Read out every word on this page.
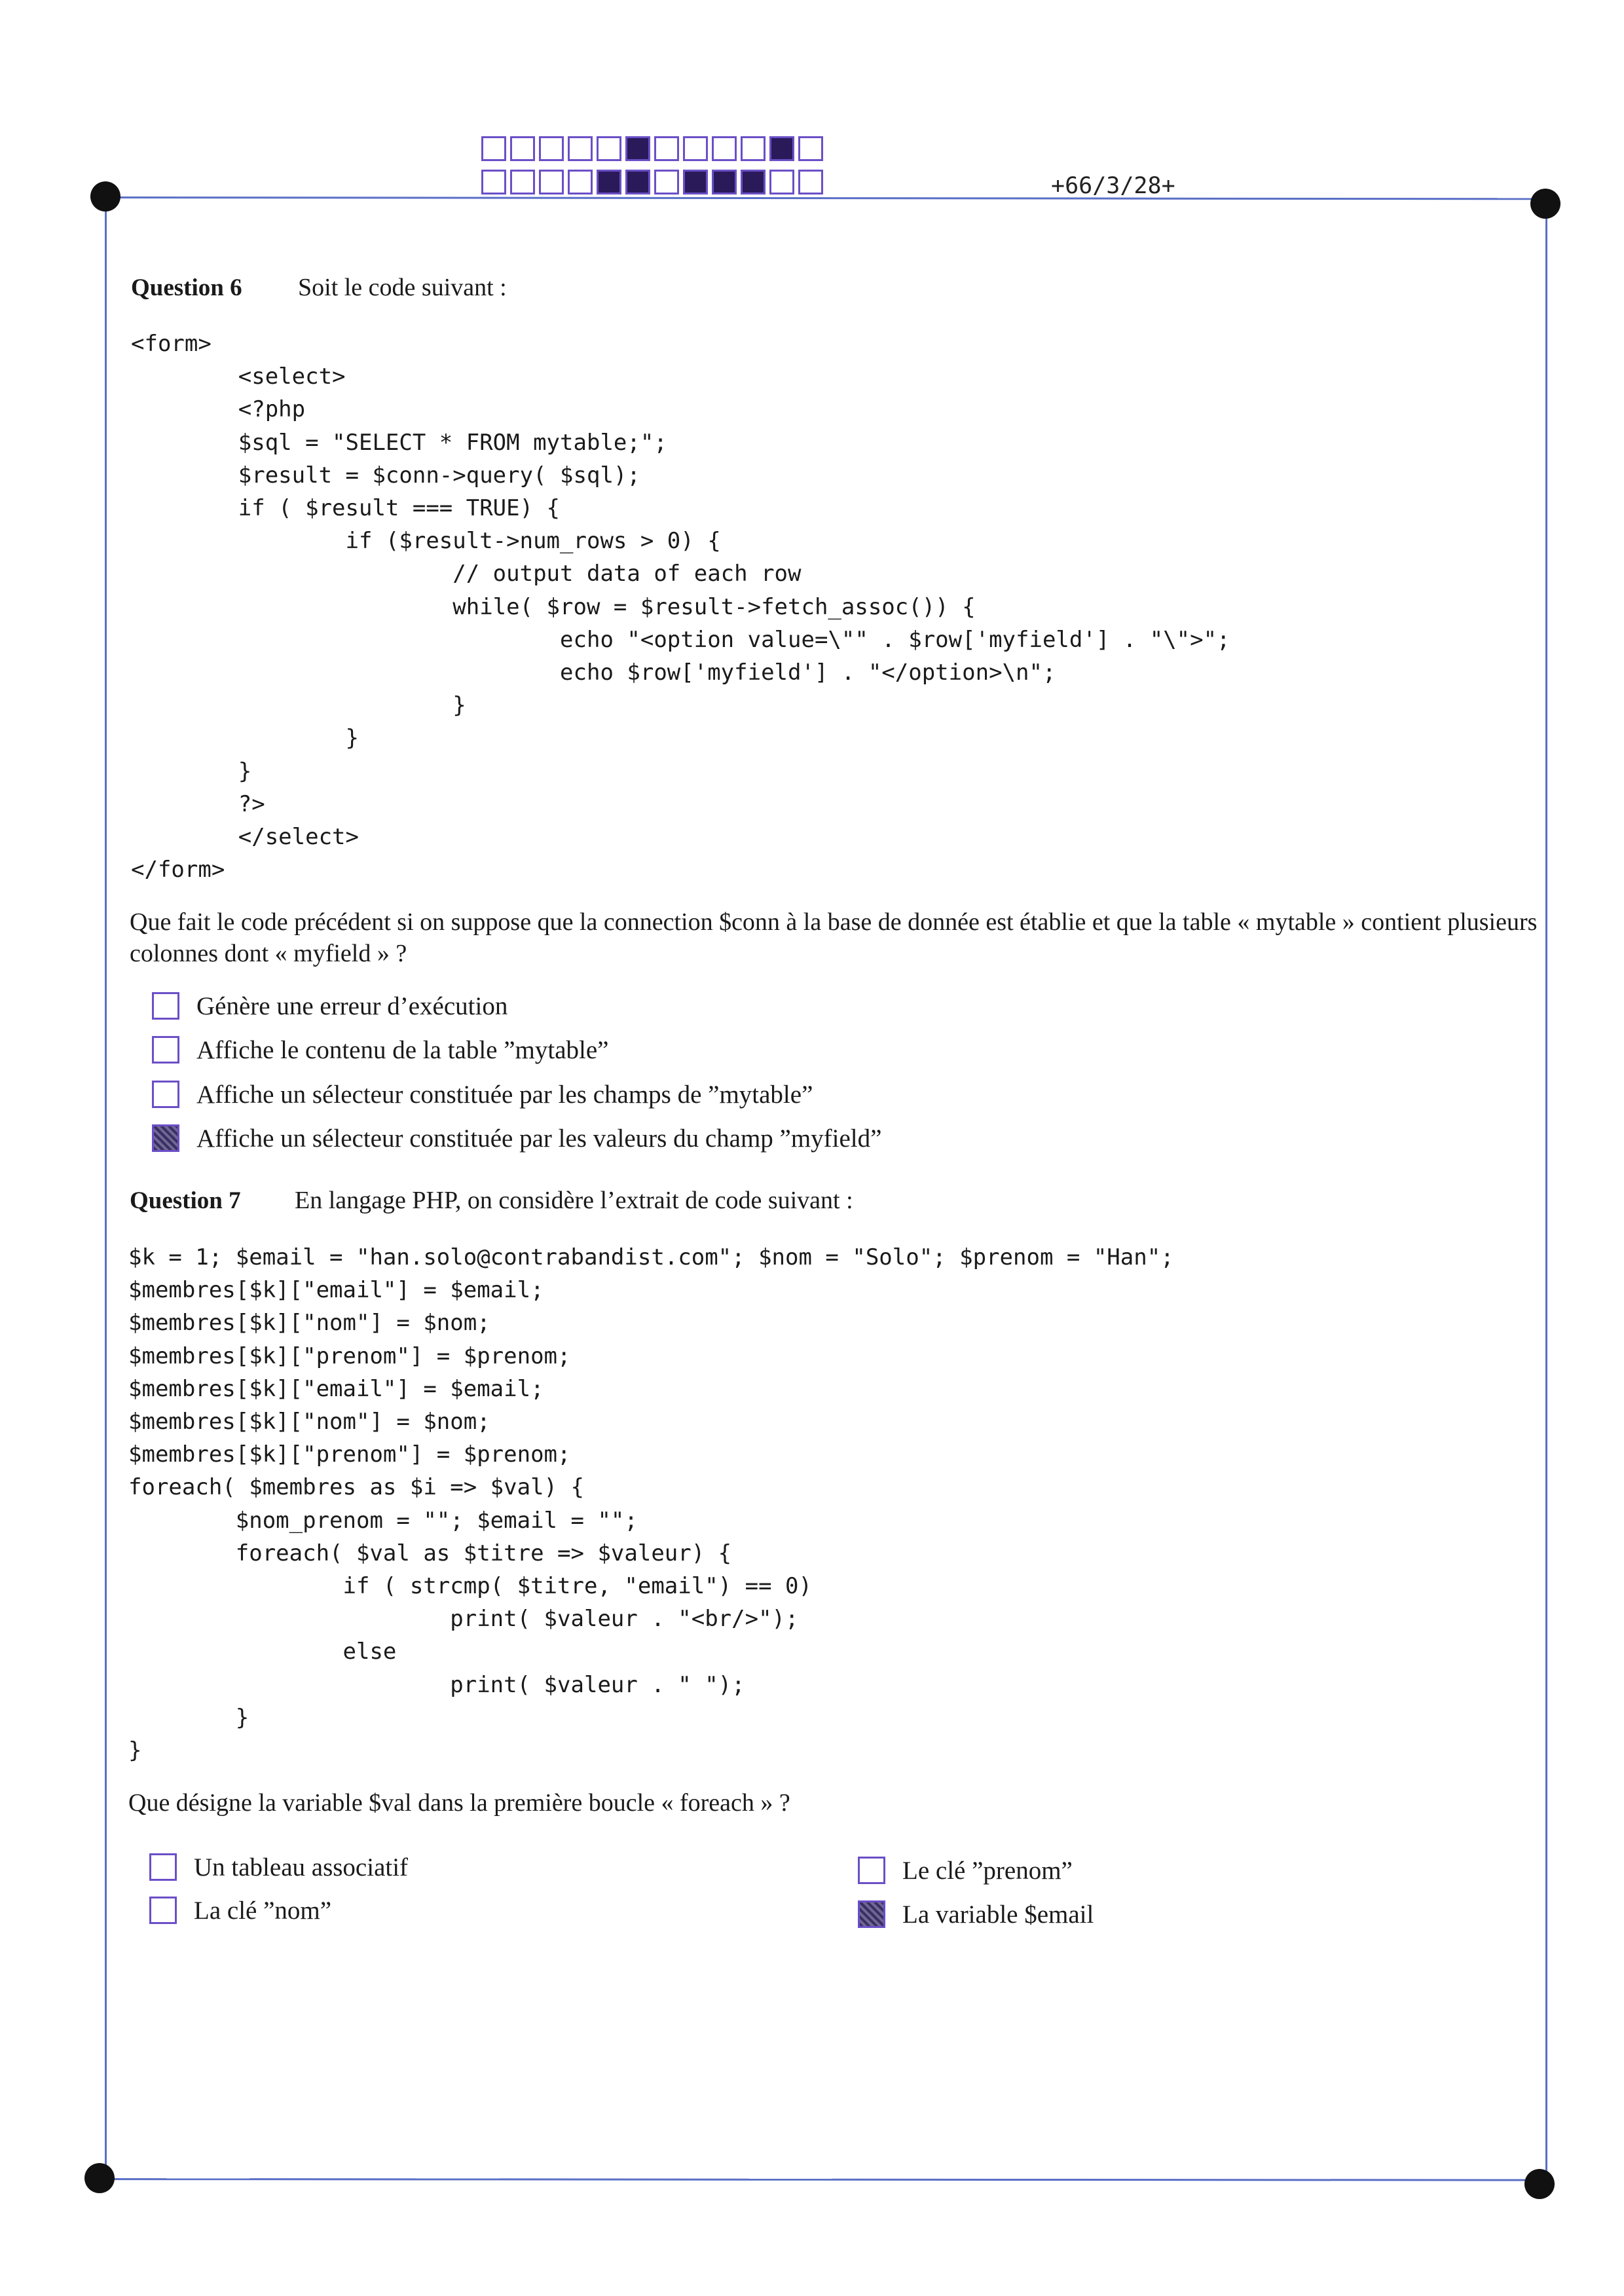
+66/3/28+
Question 6 Soit le code suivant :
<form>
<select>
<?php
$sql = "SELECT * FROM mytable;";
$result = $conn->query( $sql);
if ( $result === TRUE) {
if ($result->num_rows > 0) {
// output data of each row
while( $row = $result->fetch_assoc()) {
echo "<option value=\"" . $row['myfield'] . "\">";
echo $row['myfield'] . "</option>\n";
}
}
}
?>
</select>
</form>
Que fait le code précédent si on suppose que la connection $conn à la base de donnée est établie et que la table « mytable » contient plusieurs colonnes dont « myfield » ?
Génère une erreur d’exécution
Affiche le contenu de la table ”mytable”
Affiche un sélecteur constituée par les champs de ”mytable”
Affiche un sélecteur constituée par les valeurs du champ ”myfield”
Question 7 En langage PHP, on considère l’extrait de code suivant :
$k = 1; $email = "han.solo@contrabandist.com"; $nom = "Solo"; $prenom = "Han";
$membres[$k]["email"] = $email;
$membres[$k]["nom"] = $nom;
$membres[$k]["prenom"] = $prenom;
$membres[$k]["email"] = $email;
$membres[$k]["nom"] = $nom;
$membres[$k]["prenom"] = $prenom;
foreach( $membres as $i => $val) {
$nom_prenom = ""; $email = "";
foreach( $val as $titre => $valeur) {
if ( strcmp( $titre, "email") == 0)
print( $valeur . "<br/>");
else
print( $valeur . " ");
}
}
Que désigne la variable $val dans la première boucle « foreach » ?
Un tableau associatif	Le clé ”prenom”
La clé ”nom”	La variable $email
